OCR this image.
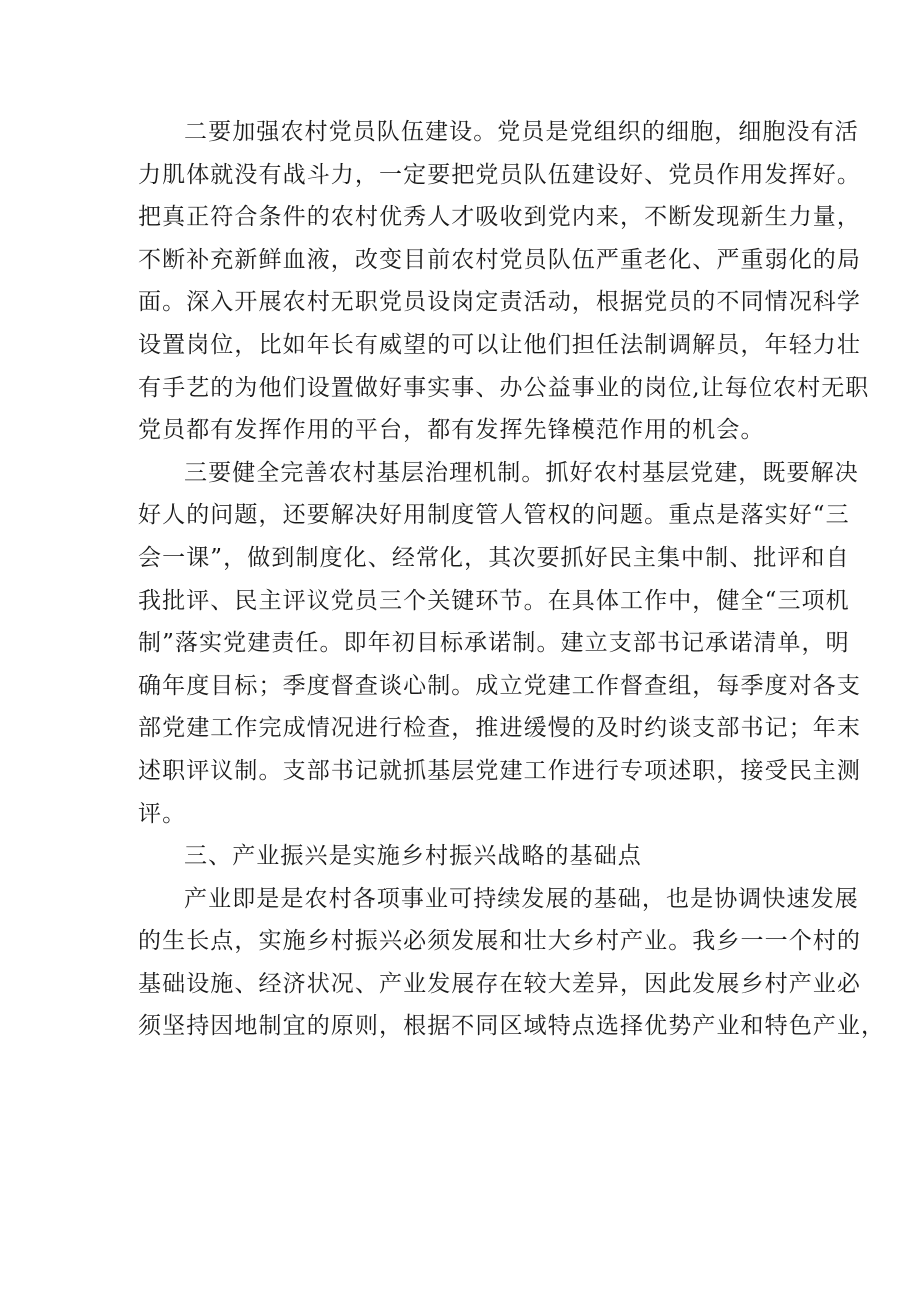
二要加强农村党员队伍建设。党员是党组织的细胞，细胞没有活
力肌体就没有战斗力，一定要把党员队伍建设好、党员作用发挥好。
把真正符合条件的农村优秀人才吸收到党内来，不断发现新生力量，
不断补充新鲜血液，改变目前农村党员队伍严重老化、严重弱化的局
面。深入开展农村无职党员设岗定责活动，根据党员的不同情况科学
设置岗位，比如年长有威望的可以让他们担任法制调解员，年轻力壮
有手艺的为他们设置做好事实事、办公益事业的岗位,让每位农村无职
党员都有发挥作用的平台，都有发挥先锋模范作用的机会。
三要健全完善农村基层治理机制。抓好农村基层党建，既要解决
好人的问题，还要解决好用制度管人管权的问题。重点是落实好“三
会一课”，做到制度化、经常化，其次要抓好民主集中制、批评和自
我批评、民主评议党员三个关键环节。在具体工作中，健全“三项机
制”落实党建责任。即年初目标承诺制。建立支部书记承诺清单，明
确年度目标；季度督查谈心制。成立党建工作督查组，每季度对各支
部党建工作完成情况进行检查，推进缓慢的及时约谈支部书记；年末
述职评议制。支部书记就抓基层党建工作进行专项述职，接受民主测
评。
三、产业振兴是实施乡村振兴战略的基础点
产业即是是农村各项事业可持续发展的基础，也是协调快速发展
的生长点，实施乡村振兴必须发展和壮大乡村产业。我乡一一个村的
基础设施、经济状况、产业发展存在较大差异，因此发展乡村产业必
须坚持因地制宜的原则，根据不同区域特点选择优势产业和特色产业，
